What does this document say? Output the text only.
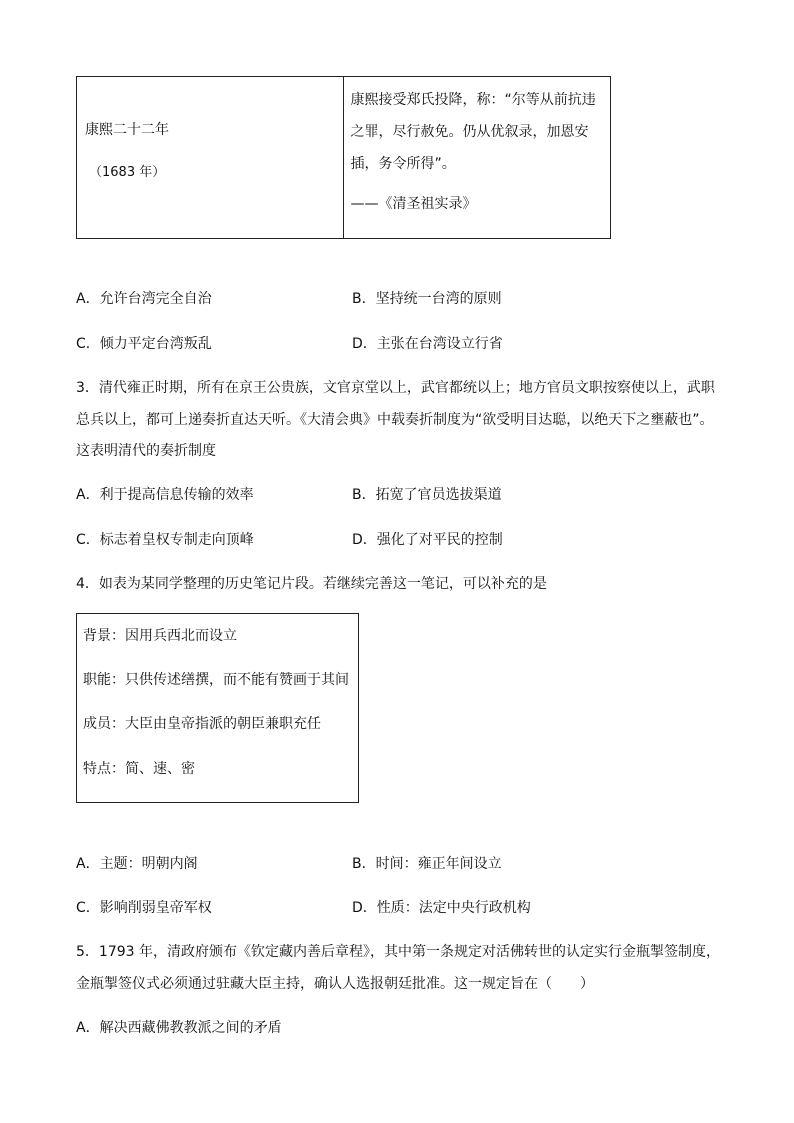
康熙二十二年
（1683 年）

康熙接受郑氏投降，称：“尔等从前抗违
之罪，尽行赦免。仍从优叙录，加恩安
插，务令所得”。
——《清圣祖实录》
A．允许台湾完全自治	B．坚持统一台湾的原则
C．倾力平定台湾叛乱	D．主张在台湾设立行省
3．清代雍正时期，所有在京王公贵族，文官京堂以上，武官都统以上；地方官员文职按察使以上，武职
总兵以上，都可上递奏折直达天听。《大清会典》中载奏折制度为“欲受明目达聪，以绝天下之壅蔽也”。
这表明清代的奏折制度
A．利于提高信息传输的效率	B．拓宽了官员选拔渠道
C．标志着皇权专制走向顶峰	D．强化了对平民的控制
4．如表为某同学整理的历史笔记片段。若继续完善这一笔记，可以补充的是
背景：因用兵西北而设立
职能：只供传述缮撰，而不能有赞画于其间
成员：大臣由皇帝指派的朝臣兼职充任
特点：简、速、密
A．主题：明朝内阁	B．时间：雍正年间设立
C．影响削弱皇帝军权	D．性质：法定中央行政机构
5．1793 年，清政府颁布《钦定藏内善后章程》，其中第一条规定对活佛转世的认定实行金瓶掣签制度，
金瓶掣签仪式必须通过驻藏大臣主持，确认人选报朝廷批准。这一规定旨在（　　）
A．解决西藏佛教教派之间的矛盾
